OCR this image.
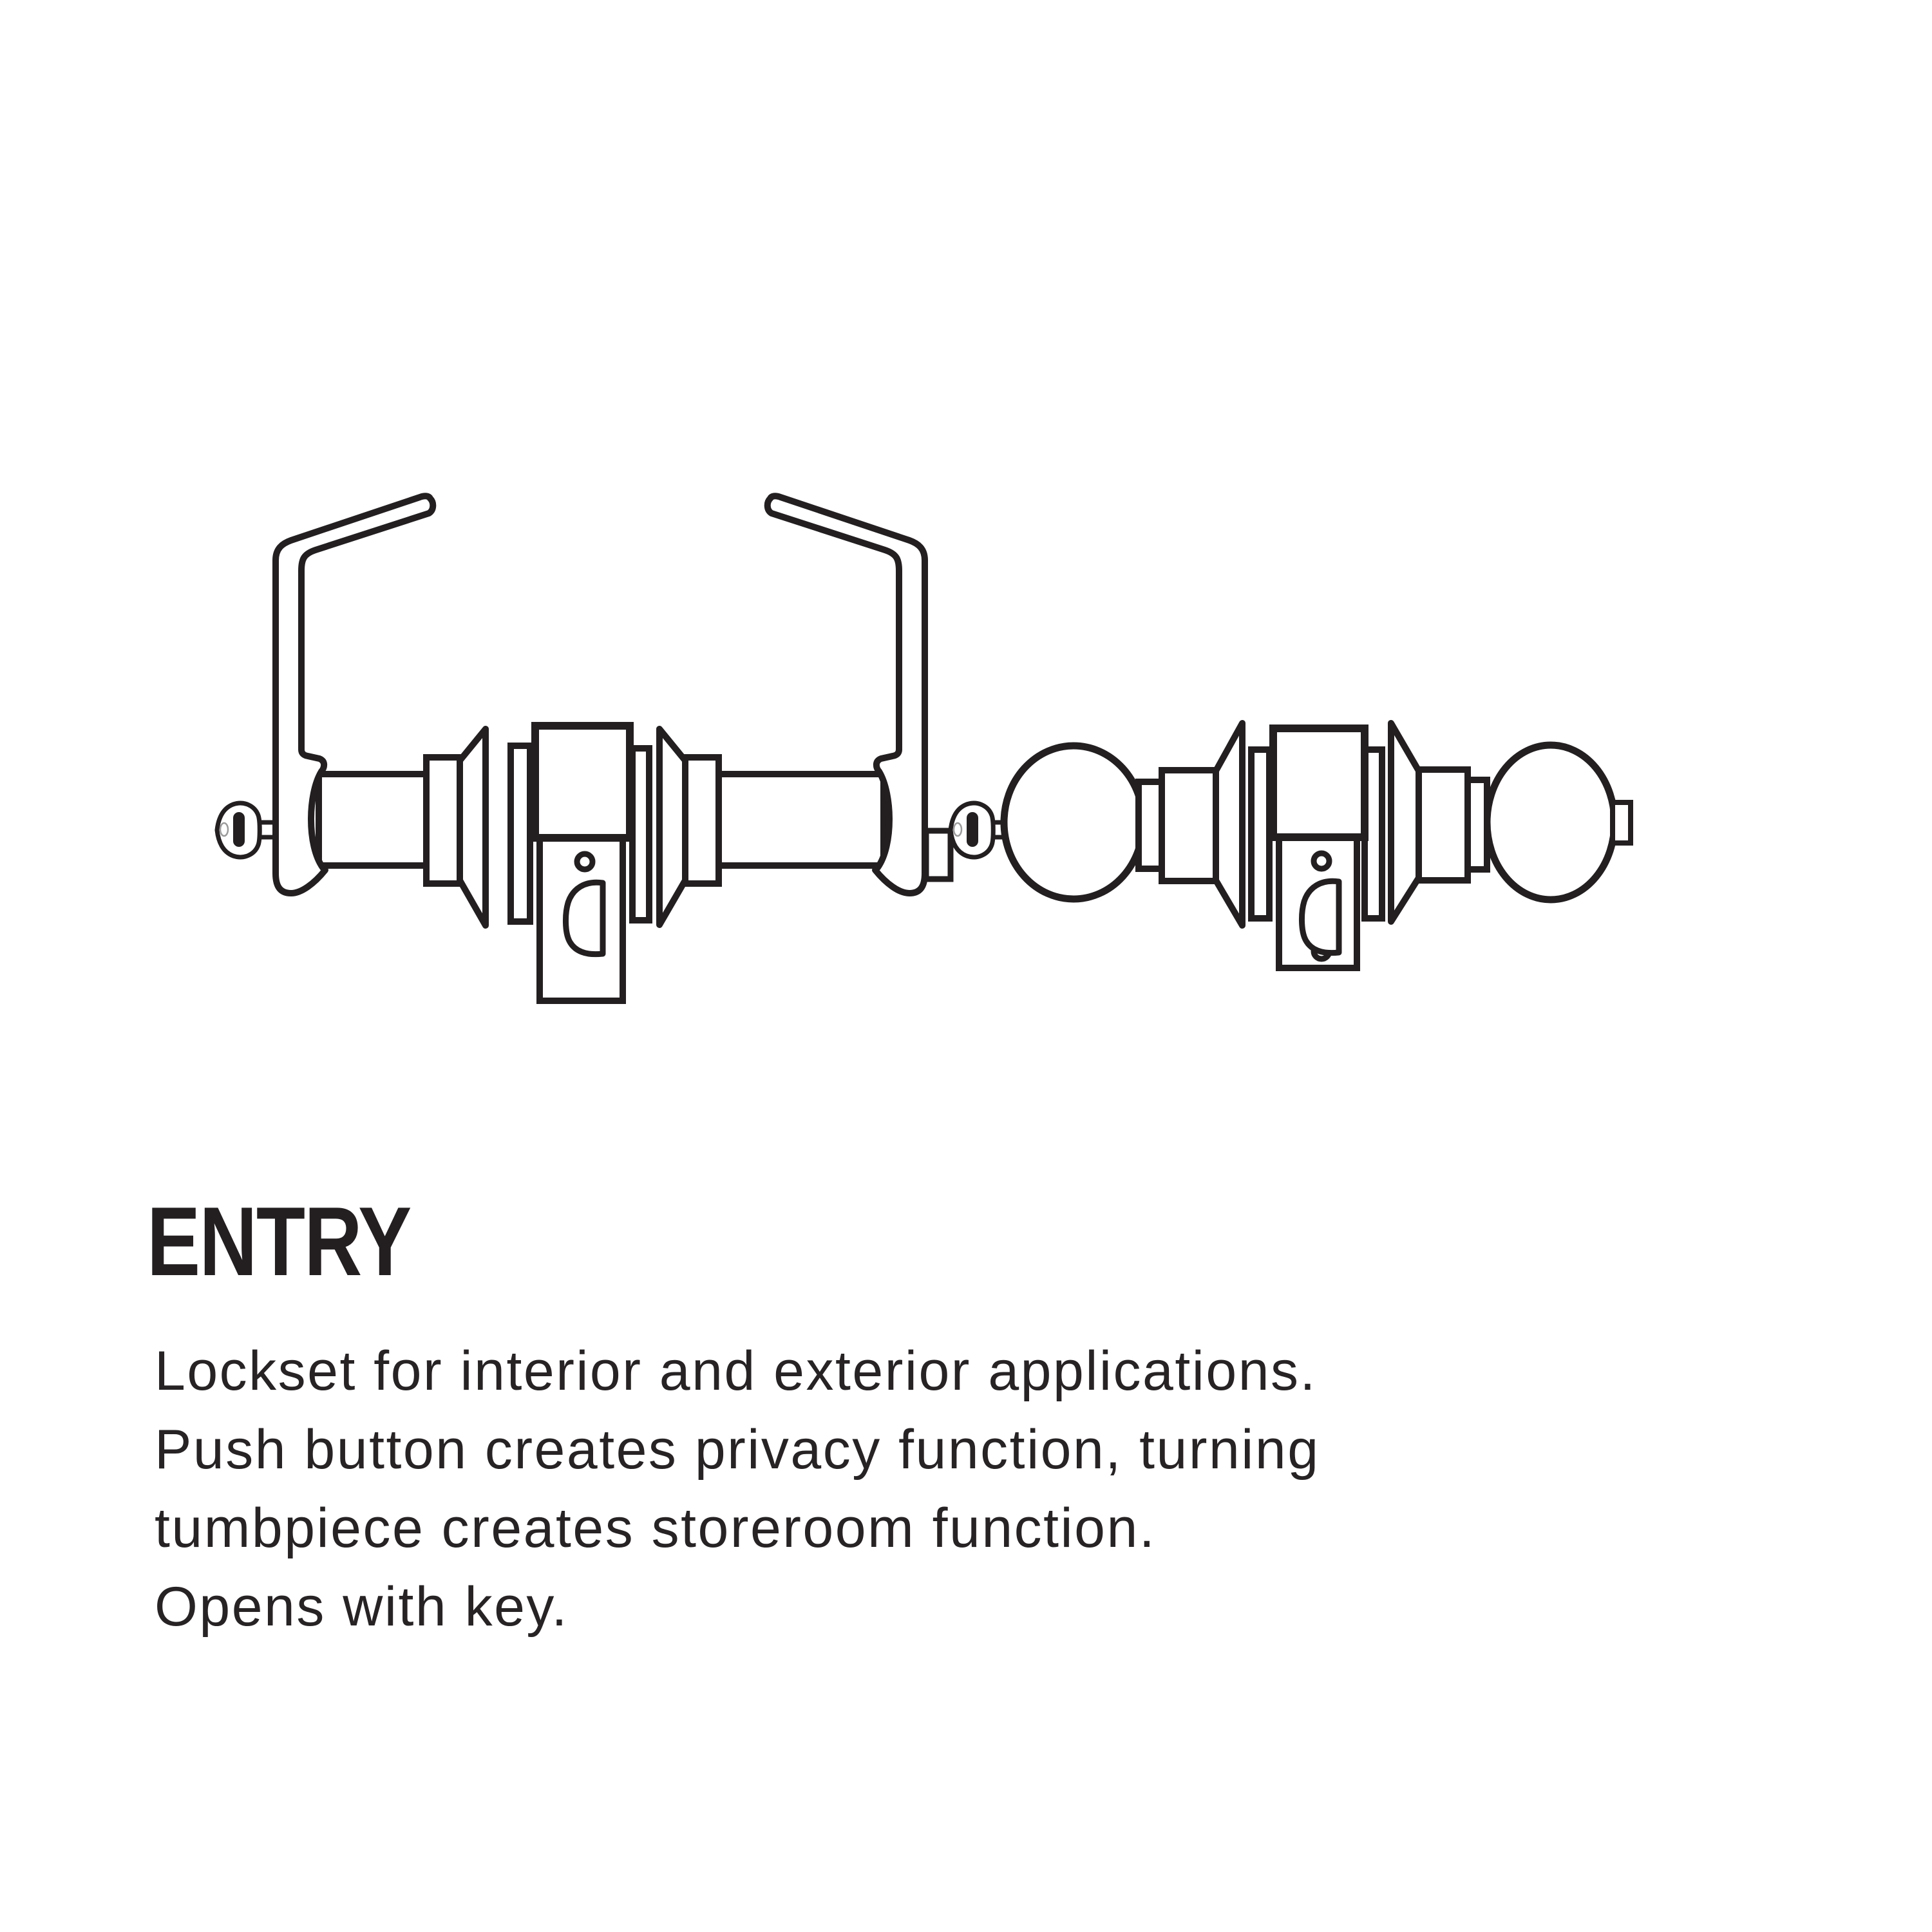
ENTRY
Lockset for interior and exterior applications.
Push button creates privacy function, turning
tumbpiece creates storeroom function.
Opens with key.
